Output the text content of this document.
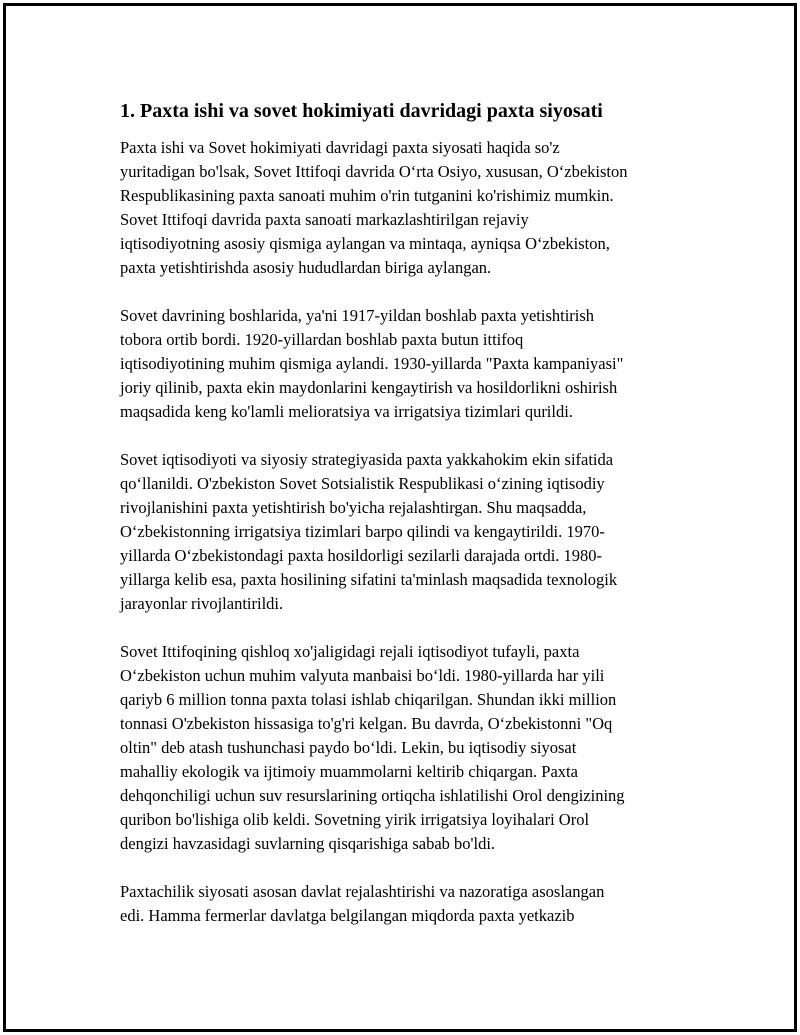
1. Paxta ishi va sovet hokimiyati davridagi paxta siyosati

Paxta ishi va Sovet hokimiyati davridagi paxta siyosati haqida so'z
yuritadigan bo'lsak, Sovet Ittifoqi davrida O‘rta Osiyo, xususan, O‘zbekiston
Respublikasining paxta sanoati muhim o'rin tutganini ko'rishimiz mumkin.
Sovet Ittifoqi davrida paxta sanoati markazlashtirilgan rejaviy
iqtisodiyotning asosiy qismiga aylangan va mintaqa, ayniqsa O‘zbekiston,
paxta yetishtirishda asosiy hududlardan biriga aylangan.

Sovet davrining boshlarida, ya'ni 1917-yildan boshlab paxta yetishtirish
tobora ortib bordi. 1920-yillardan boshlab paxta butun ittifoq
iqtisodiyotining muhim qismiga aylandi. 1930-yillarda "Paxta kampaniyasi"
joriy qilinib, paxta ekin maydonlarini kengaytirish va hosildorlikni oshirish
maqsadida keng ko'lamli melioratsiya va irrigatsiya tizimlari qurildi.

Sovet iqtisodiyoti va siyosiy strategiyasida paxta yakkahokim ekin sifatida
qo‘llanildi. O'zbekiston Sovet Sotsialistik Respublikasi o‘zining iqtisodiy
rivojlanishini paxta yetishtirish bo'yicha rejalashtirgan. Shu maqsadda,
O‘zbekistonning irrigatsiya tizimlari barpo qilindi va kengaytirildi. 1970-
yillarda O‘zbekistondagi paxta hosildorligi sezilarli darajada ortdi. 1980-
yillarga kelib esa, paxta hosilining sifatini ta'minlash maqsadida texnologik
jarayonlar rivojlantirildi.

Sovet Ittifoqining qishloq xo'jaligidagi rejali iqtisodiyot tufayli, paxta
O‘zbekiston uchun muhim valyuta manbaisi bo‘ldi. 1980-yillarda har yili
qariyb 6 million tonna paxta tolasi ishlab chiqarilgan. Shundan ikki million
tonnasi O'zbekiston hissasiga to'g'ri kelgan. Bu davrda, O‘zbekistonni "Oq
oltin" deb atash tushunchasi paydo bo‘ldi. Lekin, bu iqtisodiy siyosat
mahalliy ekologik va ijtimoiy muammolarni keltirib chiqargan. Paxta
dehqonchiligi uchun suv resurslarining ortiqcha ishlatilishi Orol dengizining
quribon bo'lishiga olib keldi. Sovetning yirik irrigatsiya loyihalari Orol
dengizi havzasidagi suvlarning qisqarishiga sabab bo'ldi.

Paxtachilik siyosati asosan davlat rejalashtirishi va nazoratiga asoslangan
edi. Hamma fermerlar davlatga belgilangan miqdorda paxta yetkazib
